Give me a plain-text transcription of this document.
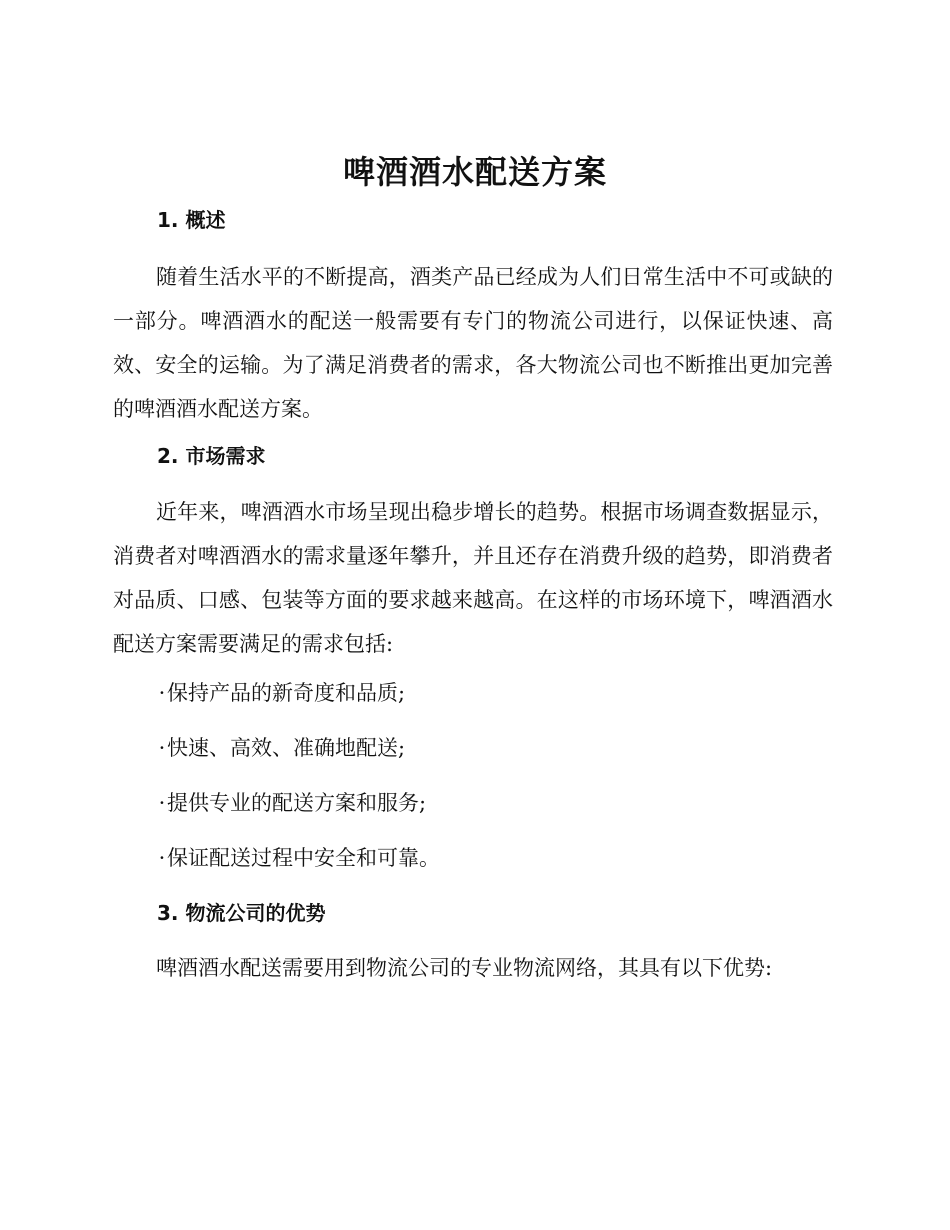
啤酒酒水配送方案
1. 概述

随着生活水平的不断提高，酒类产品已经成为人们日常生活中不可或缺的一部分。啤酒酒水的配送一般需要有专门的物流公司进行，以保证快速、高效、安全的运输。为了满足消费者的需求，各大物流公司也不断推出更加完善的啤酒酒水配送方案。

2. 市场需求

近年来，啤酒酒水市场呈现出稳步增长的趋势。根据市场调查数据显示，消费者对啤酒酒水的需求量逐年攀升，并且还存在消费升级的趋势，即消费者对品质、口感、包装等方面的要求越来越高。在这样的市场环境下，啤酒酒水配送方案需要满足的需求包括:

·保持产品的新奇度和品质;
·快速、高效、准确地配送;
·提供专业的配送方案和服务;
·保证配送过程中安全和可靠。
3. 物流公司的优势

啤酒酒水配送需要用到物流公司的专业物流网络，其具有以下优势:
